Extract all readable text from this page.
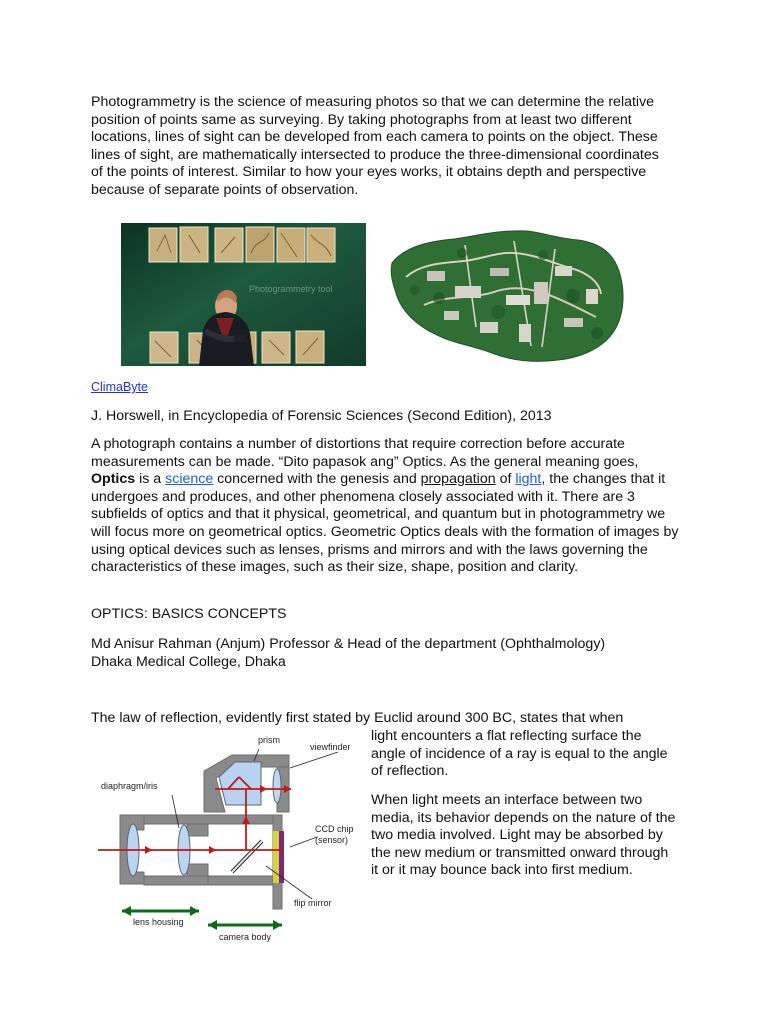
Photogrammetry is the science of measuring photos so that we can determine the relative position of points same as surveying. By taking photographs from at least two different locations, lines of sight can be developed from each camera to points on the object. These lines of sight, are mathematically intersected to produce the three-dimensional coordinates of the points of interest. Similar to how your eyes works, it obtains depth and perspective because of separate points of observation.

Photogrammetry tool
ClimaByte

J. Horswell, in Encyclopedia of Forensic Sciences (Second Edition), 2013

A photograph contains a number of distortions that require correction before accurate measurements can be made. “Dito papasok ang” Optics. As the general meaning goes, Optics is a science concerned with the genesis and propagation of light, the changes that it undergoes and produces, and other phenomena closely associated with it. There are 3 subfields of optics and that it physical, geometrical, and quantum but in photogrammetry we will focus more on geometrical optics. Geometric Optics deals with the formation of images by using optical devices such as lenses, prisms and mirrors and with the laws governing the characteristics of these images, such as their size, shape, position and clarity.

OPTICS: BASICS CONCEPTS

Md Anisur Rahman (Anjum) Professor & Head of the department (Ophthalmology)

Dhaka Medical College, Dhaka

The law of reflection, evidently first stated by Euclid around 300 BC, states that when

prism
viewfinder
diaphragm/iris
CCD chip
(sensor)
flip mirror
lens housing
camera body

light encounters a flat reflecting surface the angle of incidence of a ray is equal to the angle of reflection.

When light meets an interface between two media, its behavior depends on the nature of the two media involved. Light may be absorbed by the new medium or transmitted onward through it or it may bounce back into first medium.
